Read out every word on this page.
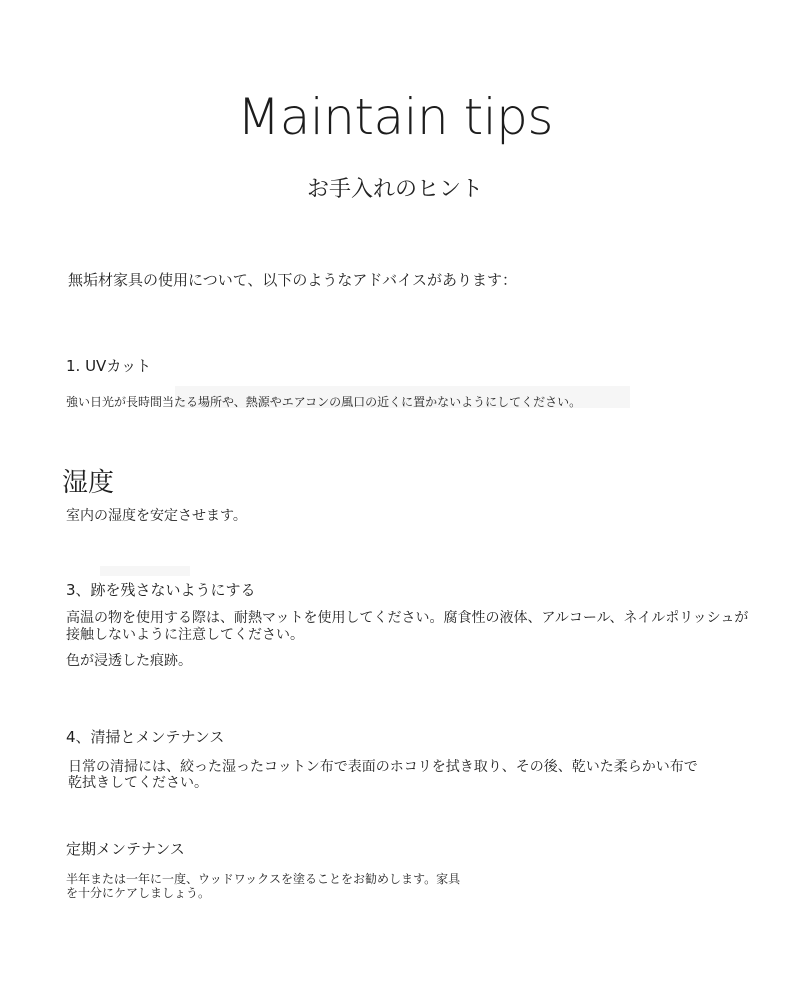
Maintain tips
お手入れのヒント
無垢材家具の使用について、以下のようなアドバイスがあります：
1. UVカット
強い日光が長時間当たる場所や、熱源やエアコンの風口の近くに置かないようにしてください。
湿度
室内の湿度を安定させます。
3、跡を残さないようにする
高温の物を使用する際は、耐熱マットを使用してください。腐食性の液体、アルコール、ネイルポリッシュが
接触しないように注意してください。
色が浸透した痕跡。
4、清掃とメンテナンス
日常の清掃には、絞った湿ったコットン布で表面のホコリを拭き取り、その後、乾いた柔らかい布で
乾拭きしてください。
定期メンテナンス
半年または一年に一度、ウッドワックスを塗ることをお勧めします。家具
を十分にケアしましょう。
